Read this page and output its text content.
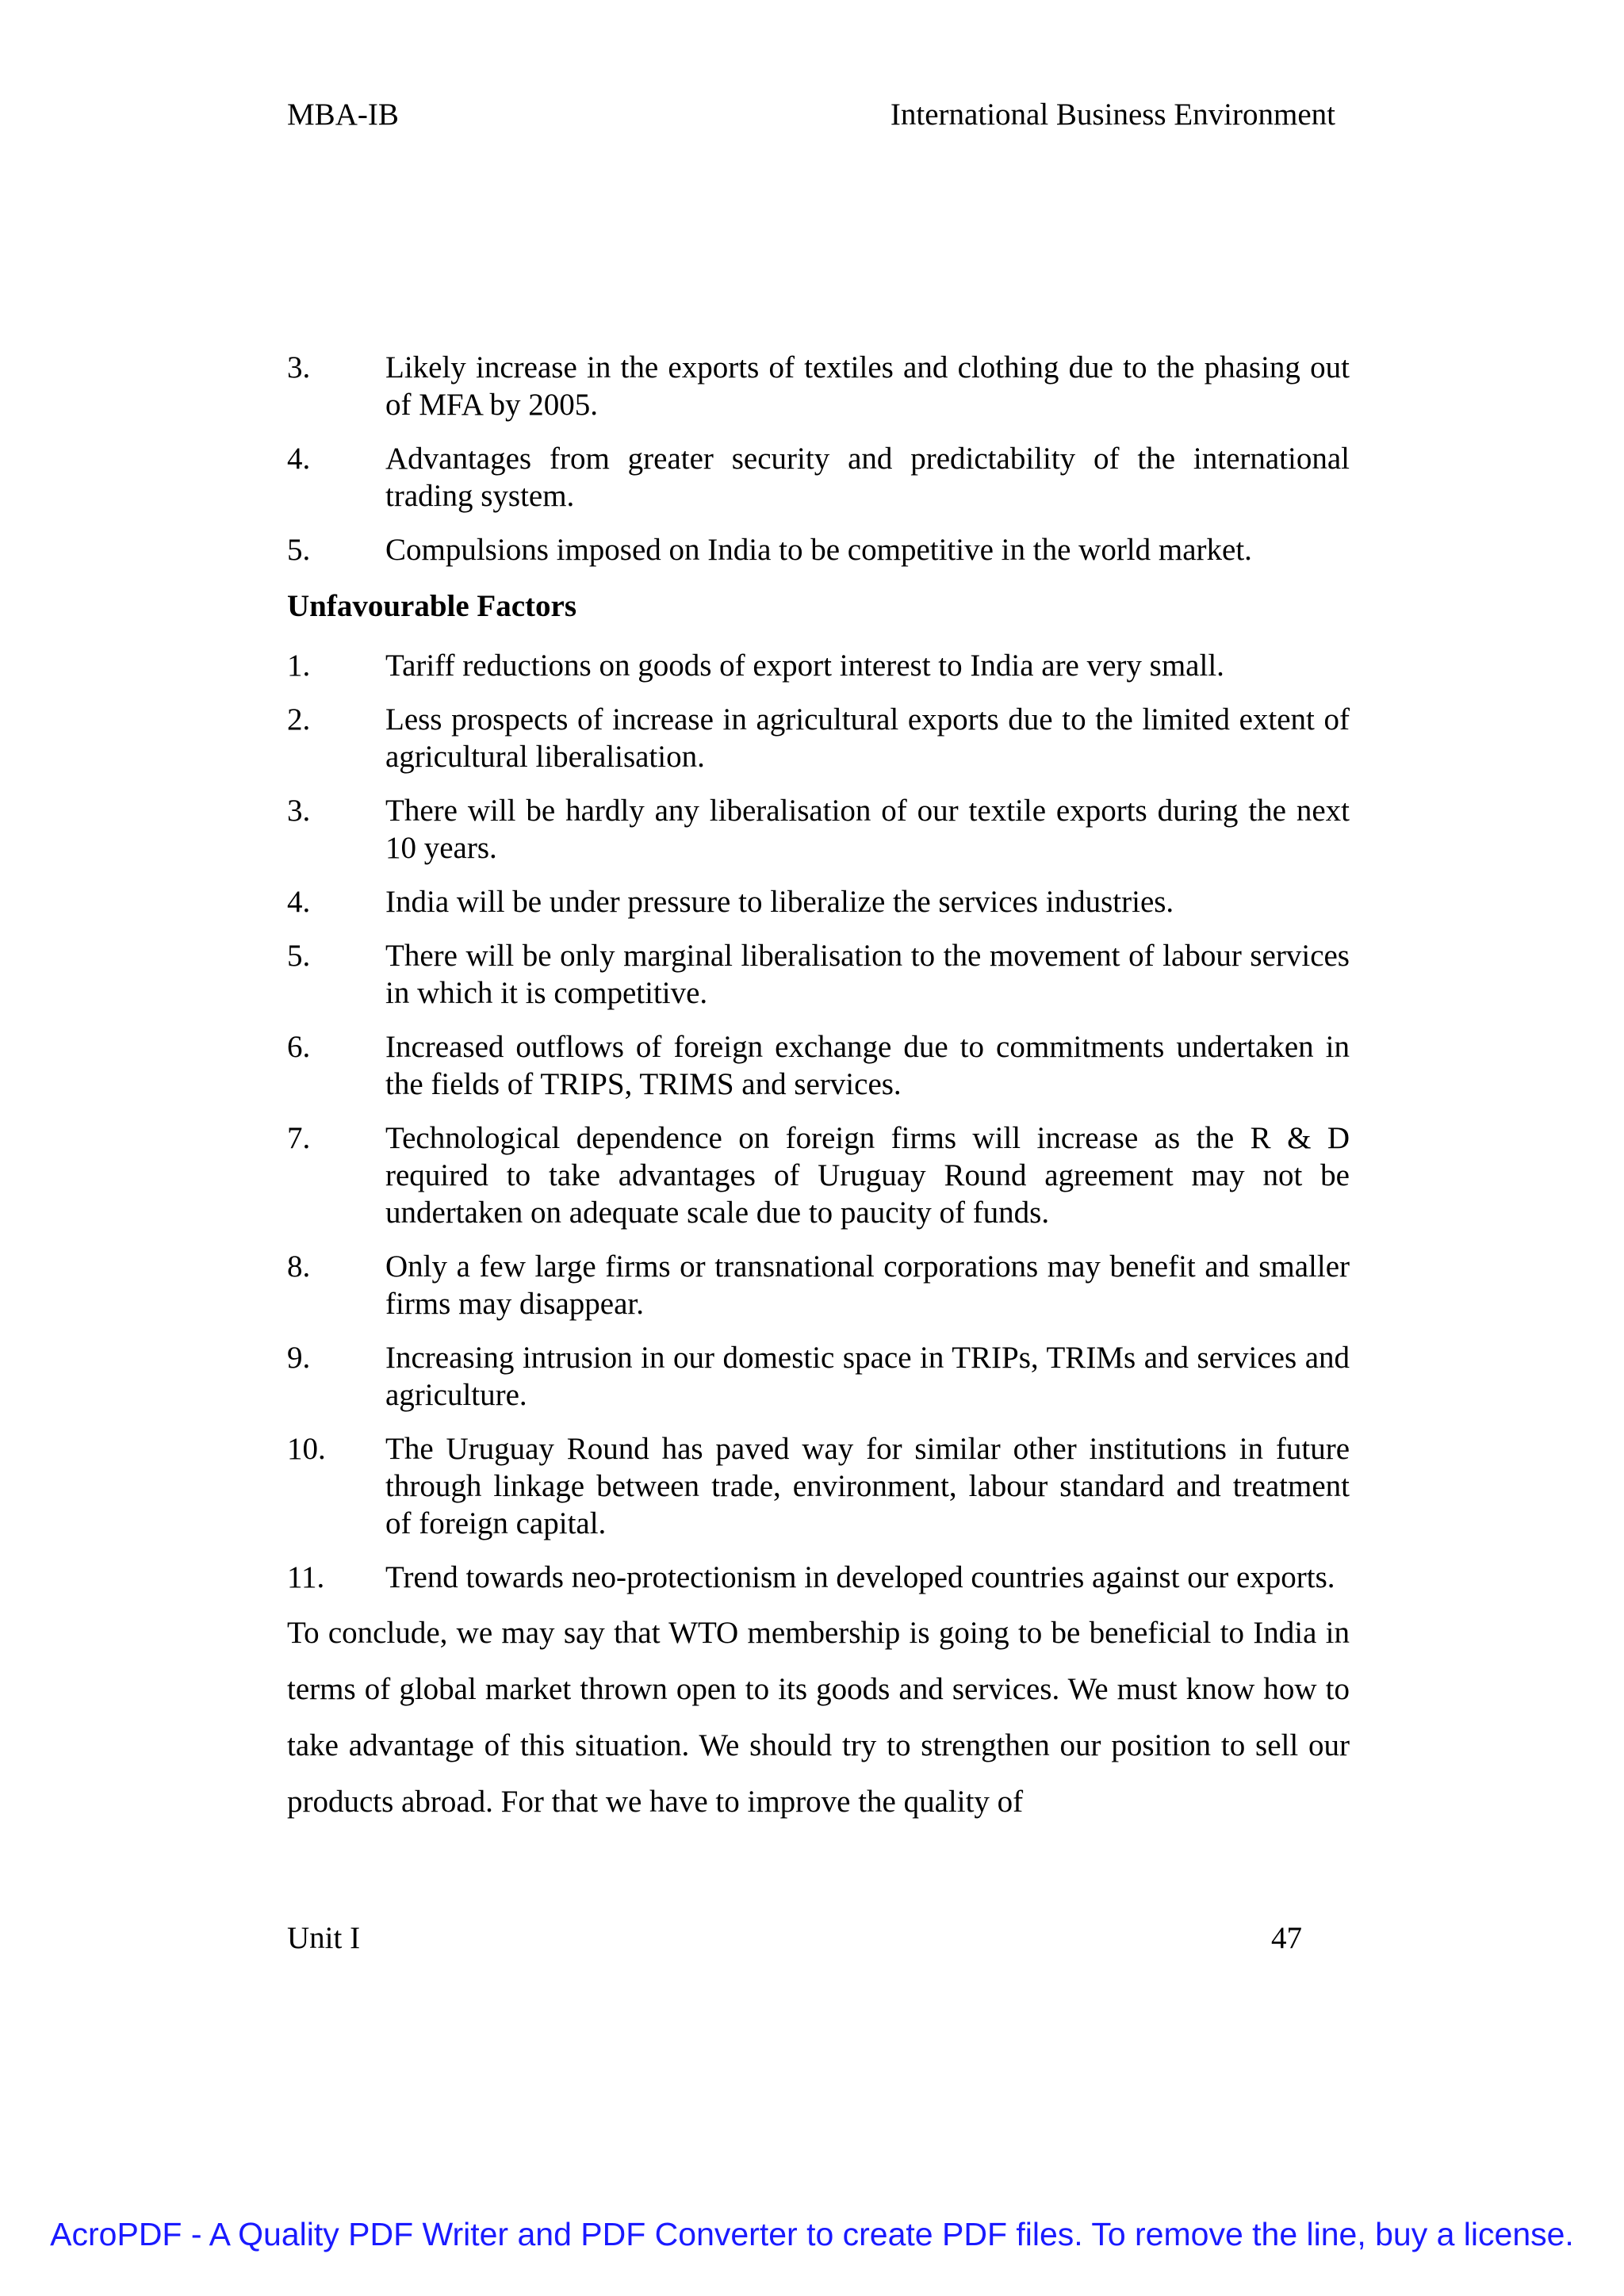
MBA-IB	International Business Environment
3. Likely increase in the exports of textiles and clothing due to the phasing out of MFA by 2005.
4. Advantages from greater security and predictability of the international trading system.
5. Compulsions imposed on India to be competitive in the world market.
Unfavourable Factors
1. Tariff reductions on goods of export interest to India are very small.
2. Less prospects of increase in agricultural exports due to the limited extent of agricultural liberalisation.
3. There will be hardly any liberalisation of our textile exports during the next 10 years.
4. India will be under pressure to liberalize the services industries.
5. There will be only marginal liberalisation to the movement of labour services in which it is competitive.
6. Increased outflows of foreign exchange due to commitments undertaken in the fields of TRIPS, TRIMS and services.
7. Technological dependence on foreign firms will increase as the R & D required to take advantages of Uruguay Round agreement may not be undertaken on adequate scale due to paucity of funds.
8. Only a few large firms or transnational corporations may benefit and smaller firms may disappear.
9. Increasing intrusion in our domestic space in TRIPs, TRIMs and services and agriculture.
10. The Uruguay Round has paved way for similar other institutions in future through linkage between trade, environment, labour standard and treatment of foreign capital.
11. Trend towards neo-protectionism in developed countries against our exports.

To conclude, we may say that WTO membership is going to be beneficial to India in terms of global market thrown open to its goods and services. We must know how to take advantage of this situation. We should try to strengthen our position to sell our products abroad. For that we have to improve the quality of

Unit I	47
AcroPDF - A Quality PDF Writer and PDF Converter to create PDF files. To remove the line, buy a license.
